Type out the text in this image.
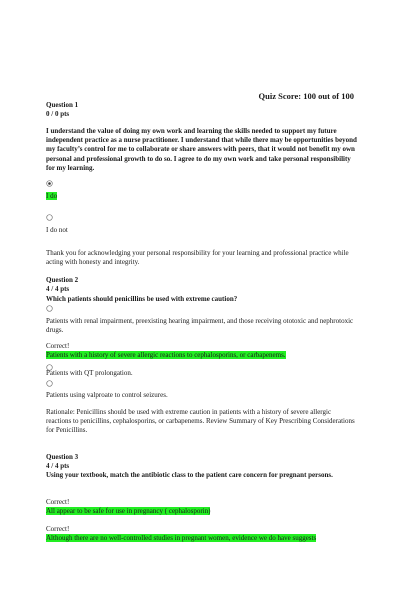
Quiz Score: 100 out of 100

Question 1

0 / 0 pts

I understand the value of doing my own work and learning the skills needed to support my future independent practice as a nurse practitioner. I understand that while there may be opportunities beyond my faculty’s control for me to collaborate or share answers with peers, that it would not benefit my own personal and professional growth to do so. I agree to do my own work and take personal responsibility for my learning.

I do

I do not

Thank you for acknowledging your personal responsibility for your learning and professional practice while acting with honesty and integrity.

Question 2

4 / 4 pts

Which patients should penicillins be used with extreme caution?

Patients with renal impairment, preexisting hearing impairment, and those receiving ototoxic and nephrotoxic drugs.

Correct!

Patients with a history of severe allergic reactions to cephalosporins, or carbapenems.

Patients with QT prolongation.

Patients using valproate to control seizures.

Rationale: Penicillins should be used with extreme caution in patients with a history of severe allergic reactions to penicillins, cephalosporins, or carbapenems. Review Summary of Key Prescribing Considerations for Penicillins.

Question 3

4 / 4 pts

Using your textbook, match the antibiotic class to the patient care concern for pregnant persons.

Correct!

All appear to be safe for use in pregnancy ( cephalosporin)

Correct!

Although there are no well-controlled studies in pregnant women, evidence we do have suggests
